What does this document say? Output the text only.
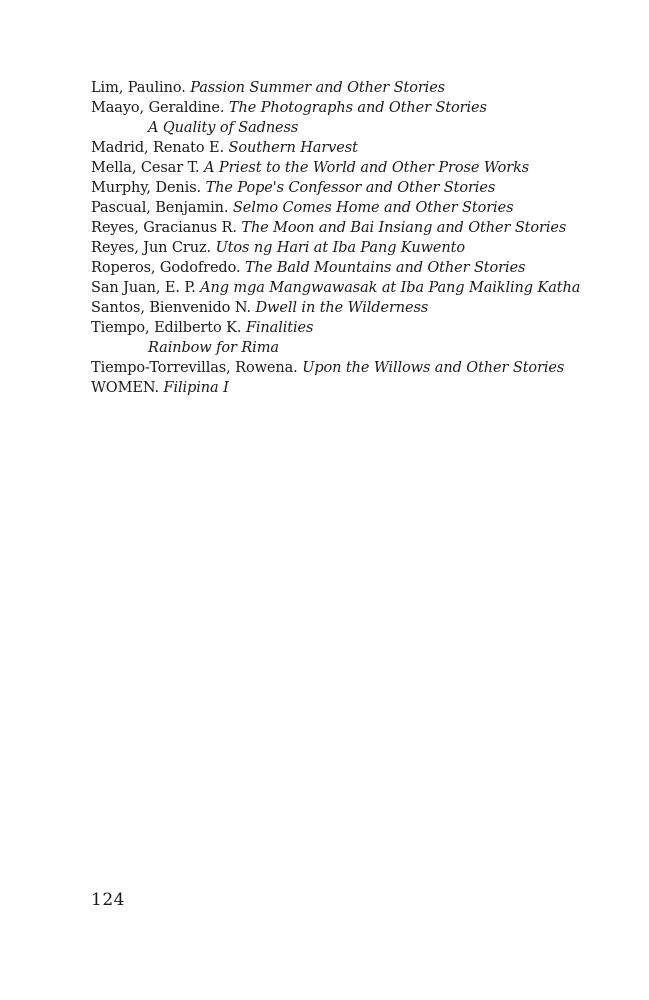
Lim, Paulino. Passion Summer and Other Stories
Maayo, Geraldine. The Photographs and Other Stories
A Quality of Sadness
Madrid, Renato E. Southern Harvest
Mella, Cesar T. A Priest to the World and Other Prose Works
Murphy, Denis. The Pope's Confessor and Other Stories
Pascual, Benjamin. Selmo Comes Home and Other Stories
Reyes, Gracianus R. The Moon and Bai Insiang and Other Stories
Reyes, Jun Cruz. Utos ng Hari at Iba Pang Kuwento
Roperos, Godofredo. The Bald Mountains and Other Stories
San Juan, E. P. Ang mga Mangwawasak at Iba Pang Maikling Katha
Santos, Bienvenido N. Dwell in the Wilderness
Tiempo, Edilberto K. Finalities
Rainbow for Rima
Tiempo-Torrevillas, Rowena. Upon the Willows and Other Stories
WOMEN. Filipina I
124
